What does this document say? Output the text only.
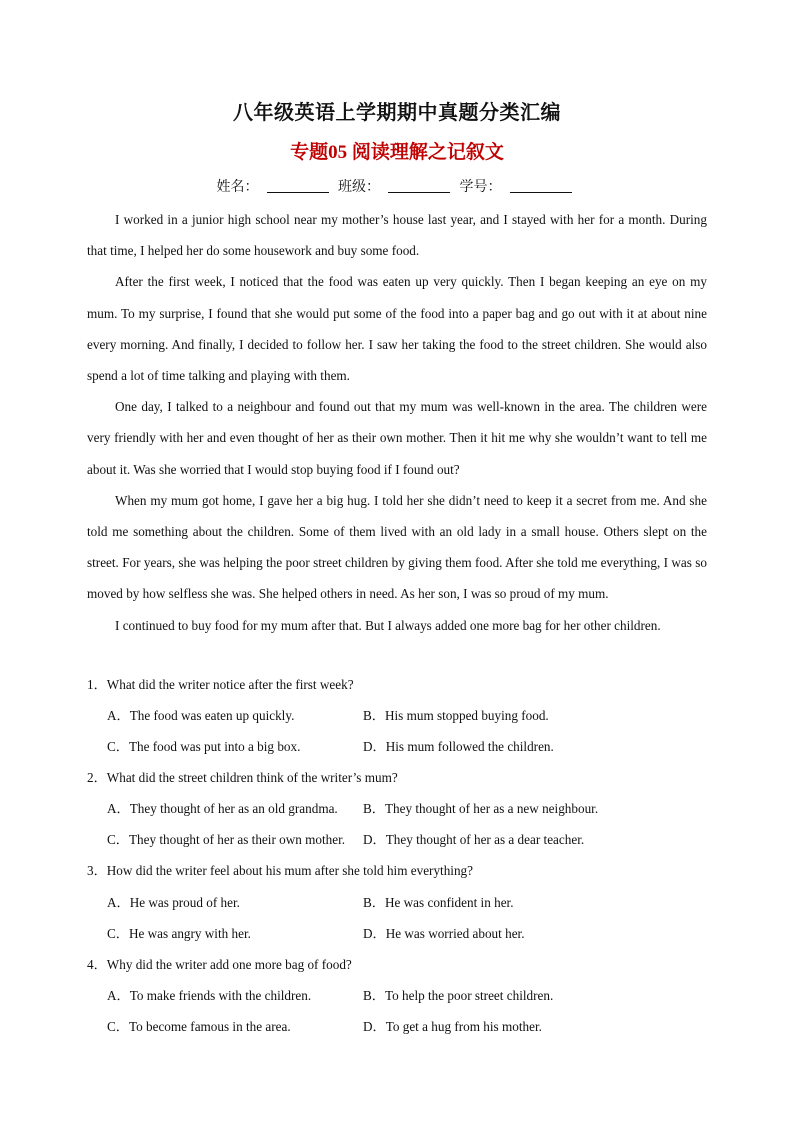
八年级英语上学期期中真题分类汇编
专题05 阅读理解之记叙文
姓名：	班级：	学号：

I worked in a junior high school near my mother’s house last year, and I stayed with her for a month. During that time, I helped her do some housework and buy some food.

After the first week, I noticed that the food was eaten up very quickly. Then I began keeping an eye on my mum. To my surprise, I found that she would put some of the food into a paper bag and go out with it at about nine every morning. And finally, I decided to follow her. I saw her taking the food to the street children. She would also spend a lot of time talking and playing with them.

One day, I talked to a neighbour and found out that my mum was well-known in the area. The children were very friendly with her and even thought of her as their own mother. Then it hit me why she wouldn’t want to tell me about it. Was she worried that I would stop buying food if I found out?

When my mum got home, I gave her a big hug. I told her she didn’t need to keep it a secret from me. And she told me something about the children. Some of them lived with an old lady in a small house. Others slept on the street. For years, she was helping the poor street children by giving them food. After she told me everything, I was so moved by how selfless she was. She helped others in need. As her son, I was so proud of my mum.

I continued to buy food for my mum after that. But I always added one more bag for her other children.

1．What did the writer notice after the first week?
A．The food was eaten up quickly.	B．His mum stopped buying food.
C．The food was put into a big box.	D．His mum followed the children.
2．What did the street children think of the writer’s mum?
A．They thought of her as an old grandma. B．They thought of her as a new neighbour.
C．They thought of her as their own mother. D．They thought of her as a dear teacher.
3．How did the writer feel about his mum after she told him everything?
A．He was proud of her.	B．He was confident in her.
C．He was angry with her.	D．He was worried about her.
4．Why did the writer add one more bag of food?
A．To make friends with the children.	B．To help the poor street children.
C．To become famous in the area.	D．To get a hug from his mother.
